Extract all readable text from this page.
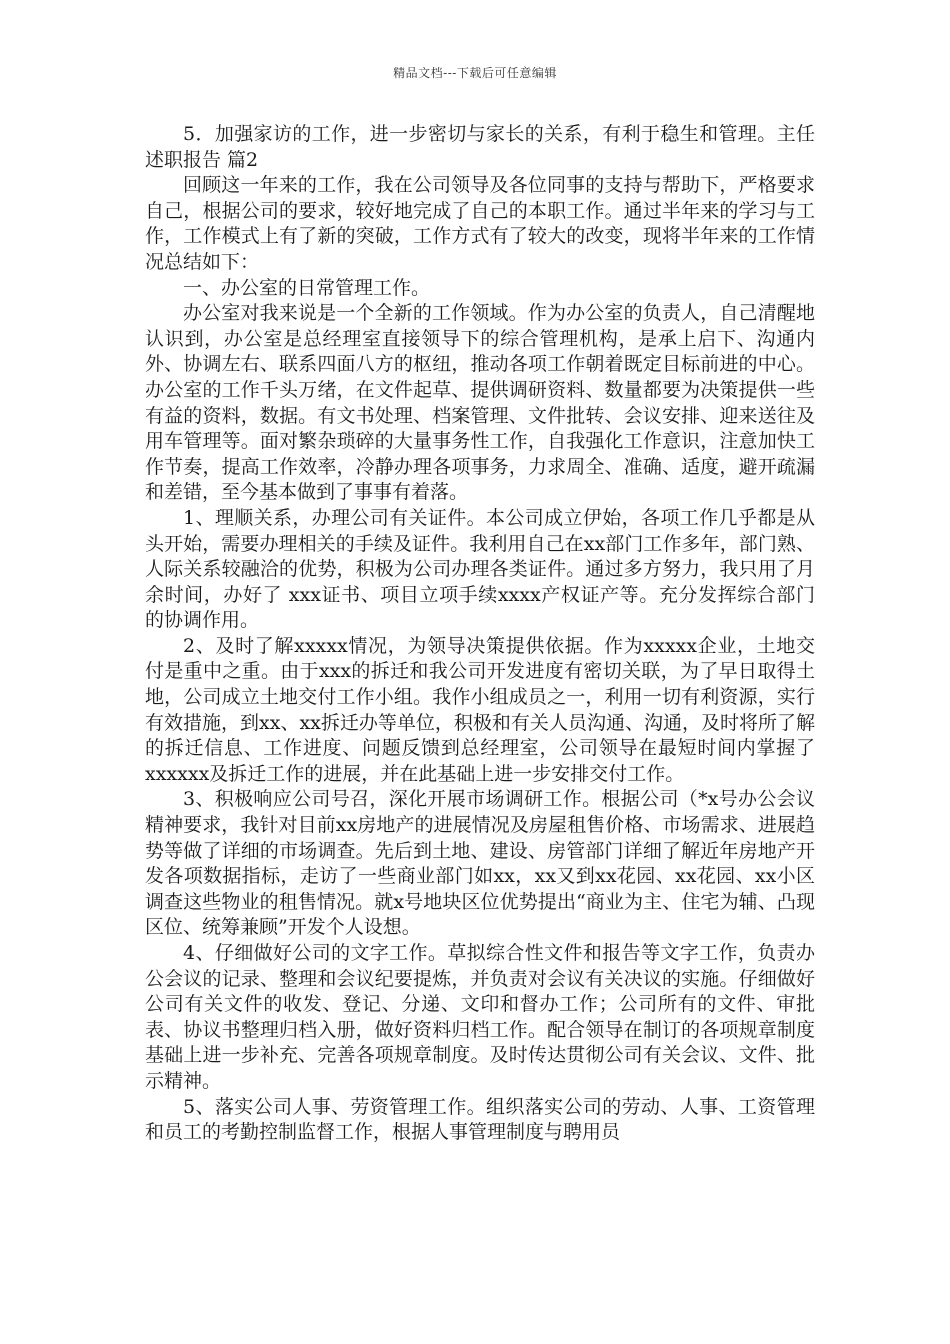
精品文档---下载后可任意编辑

5．加强家访的工作，进一步密切与家长的关系，有利于稳生和管理。主任述职报告 篇2

回顾这一年来的工作，我在公司领导及各位同事的支持与帮助下，严格要求自己，根据公司的要求，较好地完成了自己的本职工作。通过半年来的学习与工作，工作模式上有了新的突破，工作方式有了较大的改变，现将半年来的工作情况总结如下：

一、办公室的日常管理工作。

办公室对我来说是一个全新的工作领域。作为办公室的负责人，自己清醒地认识到，办公室是总经理室直接领导下的综合管理机构，是承上启下、沟通内外、协调左右、联系四面八方的枢纽，推动各项工作朝着既定目标前进的中心。办公室的工作千头万绪，在文件起草、提供调研资料、数量都要为决策提供一些有益的资料，数据。有文书处理、档案管理、文件批转、会议安排、迎来送往及用车管理等。面对繁杂琐碎的大量事务性工作，自我强化工作意识，注意加快工作节奏，提高工作效率，冷静办理各项事务，力求周全、准确、适度，避开疏漏和差错，至今基本做到了事事有着落。

1、理顺关系，办理公司有关证件。本公司成立伊始，各项工作几乎都是从头开始，需要办理相关的手续及证件。我利用自己在xx部门工作多年，部门熟、人际关系较融洽的优势，积极为公司办理各类证件。通过多方努力，我只用了月余时间，办好了 xxx证书、项目立项手续xxxx产权证产等。充分发挥综合部门的协调作用。

2、及时了解xxxxx情况，为领导决策提供依据。作为xxxxx企业，土地交付是重中之重。由于xxx的拆迁和我公司开发进度有密切关联，为了早日取得土地，公司成立土地交付工作小组。我作小组成员之一，利用一切有利资源，实行有效措施，到xx、xx拆迁办等单位，积极和有关人员沟通、沟通，及时将所了解的拆迁信息、工作进度、问题反馈到总经理室，公司领导在最短时间内掌握了xxxxxx及拆迁工作的进展，并在此基础上进一步安排交付工作。

3、积极响应公司号召，深化开展市场调研工作。根据公司（*x号办公会议精神要求，我针对目前xx房地产的进展情况及房屋租售价格、市场需求、进展趋势等做了详细的市场调查。先后到土地、建设、房管部门详细了解近年房地产开发各项数据指标，走访了一些商业部门如xx，xx又到xx花园、xx花园、xx小区调查这些物业的租售情况。就x号地块区位优势提出“商业为主、住宅为辅、凸现区位、统筹兼顾”开发个人设想。

4、仔细做好公司的文字工作。草拟综合性文件和报告等文字工作，负责办公会议的记录、整理和会议纪要提炼，并负责对会议有关决议的实施。仔细做好公司有关文件的收发、登记、分递、文印和督办工作；公司所有的文件、审批表、协议书整理归档入册，做好资料归档工作。配合领导在制订的各项规章制度基础上进一步补充、完善各项规章制度。及时传达贯彻公司有关会议、文件、批示精神。

5、落实公司人事、劳资管理工作。组织落实公司的劳动、人事、工资管理和员工的考勤控制监督工作，根据人事管理制度与聘用员
